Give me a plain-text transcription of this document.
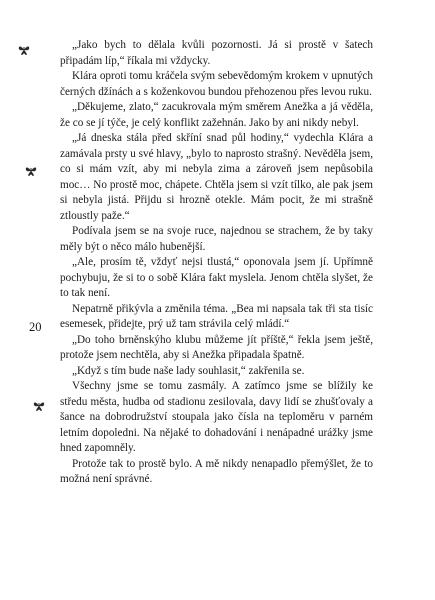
20

„Jako bych to dělala kvůli pozornosti. Já si prostě v šatech připadám líp,“ říkala mi vždycky.

Klára oproti tomu kráčela svým sebevědomým krokem v upnutých černých džínách a s koženkovou bundou přehozenou přes levou ruku.

„Děkujeme, zlato,“ zacukrovala mým směrem Anežka a já věděla, že co se jí týče, je celý konflikt zažehnán. Jako by ani nikdy nebyl.

„Já dneska stála před skříní snad půl hodiny,“ vydechla Klára a zamávala prsty u své hlavy, „bylo to naprosto strašný. Nevěděla jsem, co si mám vzít, aby mi nebyla zima a zároveň jsem nepůsobila moc… No prostě moc, chápete. Chtěla jsem si vzít tílko, ale pak jsem si nebyla jistá. Přijdu si hrozně otekle. Mám pocit, že mi strašně ztloustly paže.“

Podívala jsem se na svoje ruce, najednou se strachem, že by taky měly být o něco málo hubenější.

„Ale, prosím tě, vždyť nejsi tlustá,“ oponovala jsem jí. Upřímně pochybuju, že si to o sobě Klára fakt myslela. Jenom chtěla slyšet, že to tak není.

Nepatrně přikývla a změnila téma. „Bea mi napsala tak tři sta tisíc esemesek, přidejte, prý už tam strávila celý mládí.“

„Do toho brněnskýho klubu můžeme jít příště,“ řekla jsem ještě, protože jsem nechtěla, aby si Anežka připadala špatně.

„Když s tím bude naše lady souhlasit,“ zakřenila se.

Všechny jsme se tomu zasmály. A zatímco jsme se blížily ke středu města, hudba od stadionu zesilovala, davy lidí se zhušťovaly a šance na dobrodružství stoupala jako čísla na teploměru v parném letním dopoledni. Na nějaké to dohadování i nenápadné urážky jsme hned zapomněly.

Protože tak to prostě bylo. A mě nikdy nenapadlo přemýšlet, že to možná není správné.
